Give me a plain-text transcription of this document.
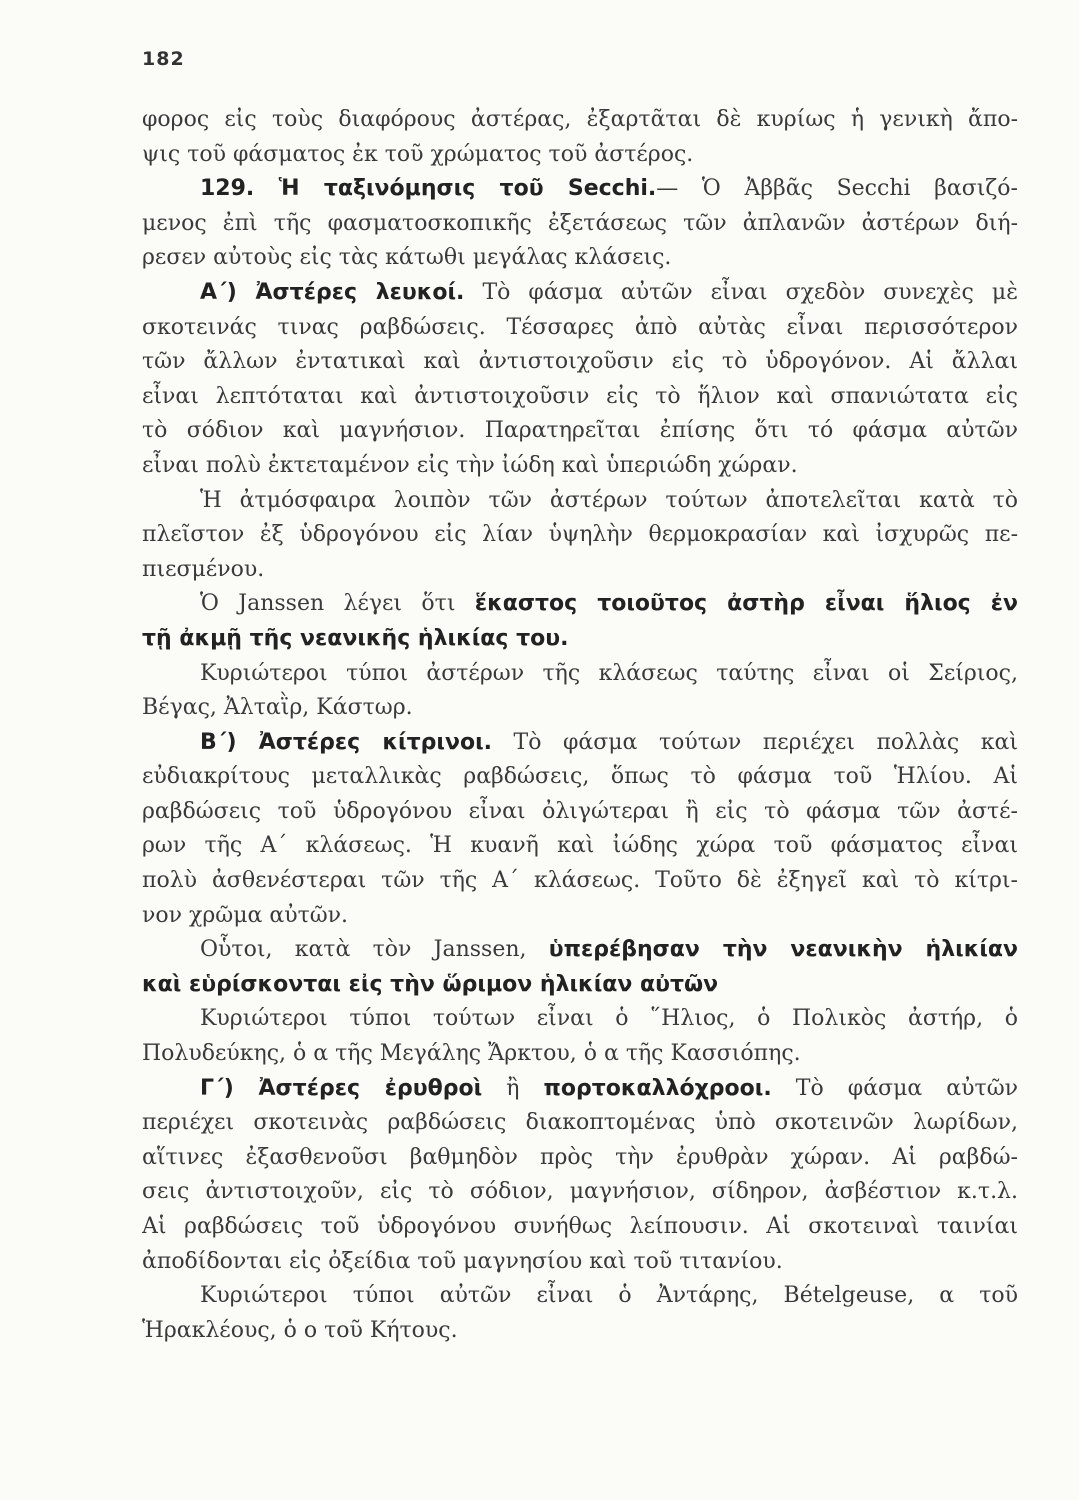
182
φορος εἰς τοὺς διαφόρους ἀστέρας, ἐξαρτᾶται δὲ κυρίως ἡ γενικὴ ἄπο-
ψις τοῦ φάσματος ἐκ τοῦ χρώματος τοῦ ἀστέρος.
129. Ἡ ταξινόμησις τοῦ Secchi.— Ὁ Ἀββᾶς Secchi βασιζό-
μενος ἐπὶ τῆς φασματοσκοπικῆς ἐξετάσεως τῶν ἀπλανῶν ἀστέρων διή-
ρεσεν αὐτοὺς εἰς τὰς κάτωθι μεγάλας κλάσεις.
Α΄) Ἀστέρες λευκοί. Τὸ φάσμα αὐτῶν εἶναι σχεδὸν συνεχὲς μὲ
σκοτεινάς τινας ραβδώσεις. Τέσσαρες ἀπὸ αὐτὰς εἶναι περισσότερον
τῶν ἄλλων ἐντατικαὶ καὶ ἀντιστοιχοῦσιν εἰς τὸ ὑδρογόνον. Αἱ ἄλλαι
εἶναι λεπτόταται καὶ ἀντιστοιχοῦσιν εἰς τὸ ἥλιον καὶ σπανιώτατα εἰς
τὸ σόδιον καὶ μαγνήσιον. Παρατηρεῖται ἐπίσης ὅτι τό φάσμα αὐτῶν
εἶναι πολὺ ἐκτεταμένον εἰς τὴν ἰώδη καὶ ὑπεριώδη χώραν.
Ἡ ἀτμόσφαιρα λοιπὸν τῶν ἀστέρων τούτων ἀποτελεῖται κατὰ τὸ
πλεῖστον ἐξ ὑδρογόνου εἰς λίαν ὑψηλὴν θερμοκρασίαν καὶ ἰσχυρῶς πε-
πιεσμένου.
Ὁ Janssen λέγει ὅτι ἕκαστος τοιοῦτος ἀστὴρ εἶναι ἥλιος ἐν
τῇ ἀκμῇ τῆς νεανικῆς ἡλικίας του.
Κυριώτεροι τύποι ἀστέρων τῆς κλάσεως ταύτης εἶναι οἱ Σείριος,
Βέγας, Ἀλταῒρ, Κάστωρ.
Β΄) Ἀστέρες κίτρινοι. Τὸ φάσμα τούτων περιέχει πολλὰς καὶ
εὐδιακρίτους μεταλλικὰς ραβδώσεις, ὅπως τὸ φάσμα τοῦ Ἡλίου. Αἱ
ραβδώσεις τοῦ ὑδρογόνου εἶναι ὀλιγώτεραι ἢ εἰς τὸ φάσμα τῶν ἀστέ-
ρων τῆς Α΄ κλάσεως. Ἡ κυανῆ καὶ ἰώδης χώρα τοῦ φάσματος εἶναι
πολὺ ἀσθενέστεραι τῶν τῆς Α΄ κλάσεως. Τοῦτο δὲ ἐξηγεῖ καὶ τὸ κίτρι-
νον χρῶμα αὐτῶν.
Οὗτοι, κατὰ τὸν Janssen, ὑπερέβησαν τὴν νεανικὴν ἡλικίαν
καὶ εὑρίσκονται εἰς τὴν ὥριμον ἡλικίαν αὐτῶν
Κυριώτεροι τύποι τούτων εἶναι ὁ ῞Ηλιος, ὁ Πολικὸς ἀστήρ, ὁ
Πολυδεύκης, ὁ α τῆς Μεγάλης Ἄρκτου, ὁ α τῆς Κασσιόπης.
Γ΄) Ἀστέρες ἐρυθροὶ ἢ πορτοκαλλόχροοι. Τὸ φάσμα αὐτῶν
περιέχει σκοτεινὰς ραβδώσεις διακοπτομένας ὑπὸ σκοτεινῶν λωρίδων,
αἵτινες ἐξασθενοῦσι βαθμηδὸν πρὸς τὴν ἐρυθρὰν χώραν. Αἱ ραβδώ-
σεις ἀντιστοιχοῦν, εἰς τὸ σόδιον, μαγνήσιον, σίδηρον, ἀσβέστιον κ.τ.λ.
Αἱ ραβδώσεις τοῦ ὑδρογόνου συνήθως λείπουσιν. Αἱ σκοτειναὶ ταινίαι
ἀποδίδονται εἰς ὀξείδια τοῦ μαγνησίου καὶ τοῦ τιτανίου.
Κυριώτεροι τύποι αὐτῶν εἶναι ὁ Ἀντάρης, Bételgeuse, α τοῦ
Ἡρακλέους, ὁ ο τοῦ Κήτους.
